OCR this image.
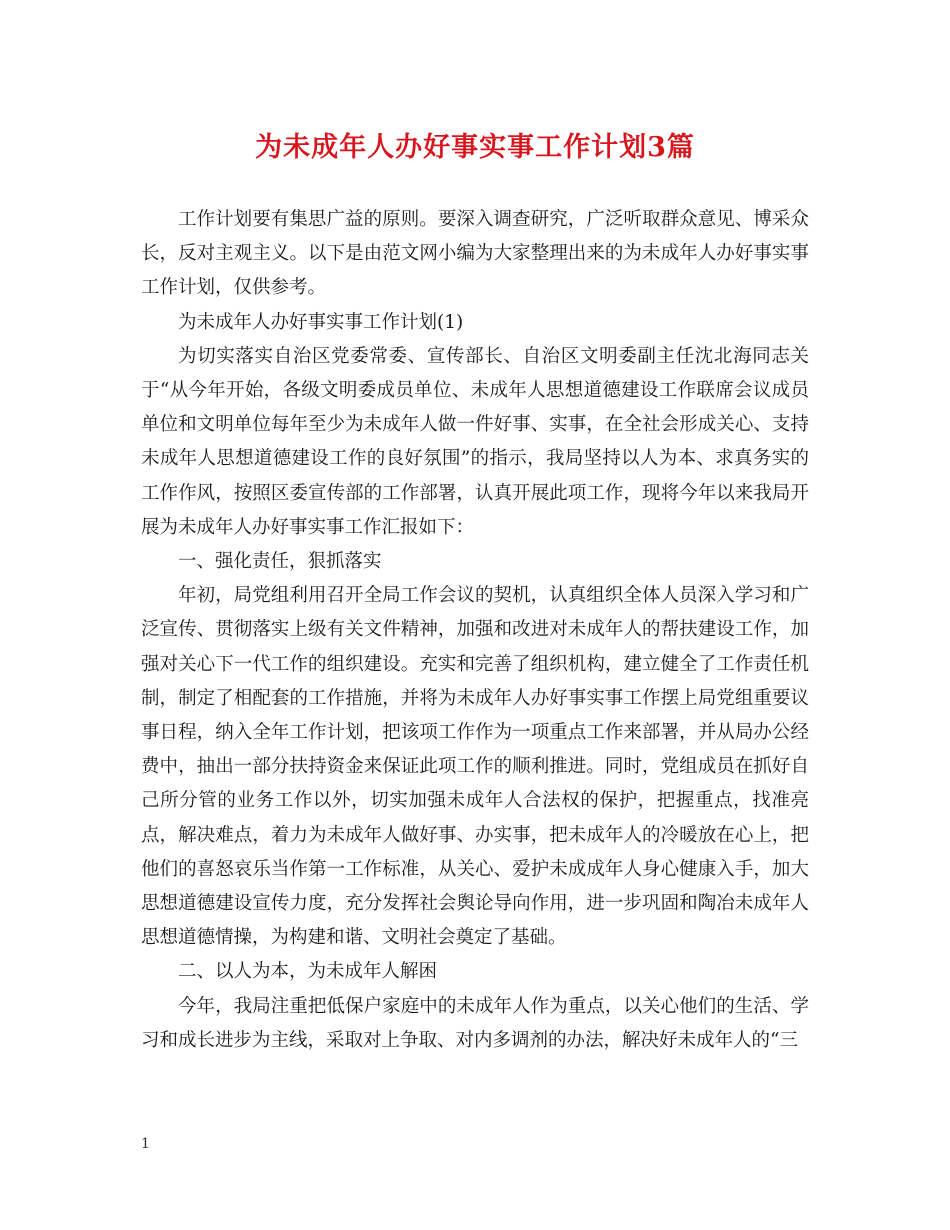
为未成年人办好事实事工作计划3篇

工作计划要有集思广益的原则。要深入调查研究，广泛听取群众意见、博采众长，反对主观主义。以下是由范文网小编为大家整理出来的为未成年人办好事实事工作计划，仅供参考。

为未成年人办好事实事工作计划(1)

为切实落实自治区党委常委、宣传部长、自治区文明委副主任沈北海同志关于“从今年开始，各级文明委成员单位、未成年人思想道德建设工作联席会议成员单位和文明单位每年至少为未成年人做一件好事、实事，在全社会形成关心、支持未成年人思想道德建设工作的良好氛围”的指示，我局坚持以人为本、求真务实的工作作风，按照区委宣传部的工作部署，认真开展此项工作，现将今年以来我局开展为未成年人办好事实事工作汇报如下：

一、强化责任，狠抓落实

年初，局党组利用召开全局工作会议的契机，认真组织全体人员深入学习和广泛宣传、贯彻落实上级有关文件精神，加强和改进对未成年人的帮扶建设工作，加强对关心下一代工作的组织建设。充实和完善了组织机构，建立健全了工作责任机制，制定了相配套的工作措施，并将为未成年人办好事实事工作摆上局党组重要议事日程，纳入全年工作计划，把该项工作作为一项重点工作来部署，并从局办公经费中，抽出一部分扶持资金来保证此项工作的顺利推进。同时，党组成员在抓好自己所分管的业务工作以外，切实加强未成年人合法权的保护，把握重点，找准亮点，解决难点，着力为未成年人做好事、办实事，把未成年人的冷暖放在心上，把他们的喜怒哀乐当作第一工作标准，从关心、爱护未成成年人身心健康入手，加大思想道德建设宣传力度，充分发挥社会舆论导向作用，进一步巩固和陶冶未成年人思想道德情操，为构建和谐、文明社会奠定了基础。

二、以人为本，为未成年人解困

今年，我局注重把低保户家庭中的未成年人作为重点，以关心他们的生活、学习和成长进步为主线，采取对上争取、对内多调剂的办法，解决好未成年人的“三

1
